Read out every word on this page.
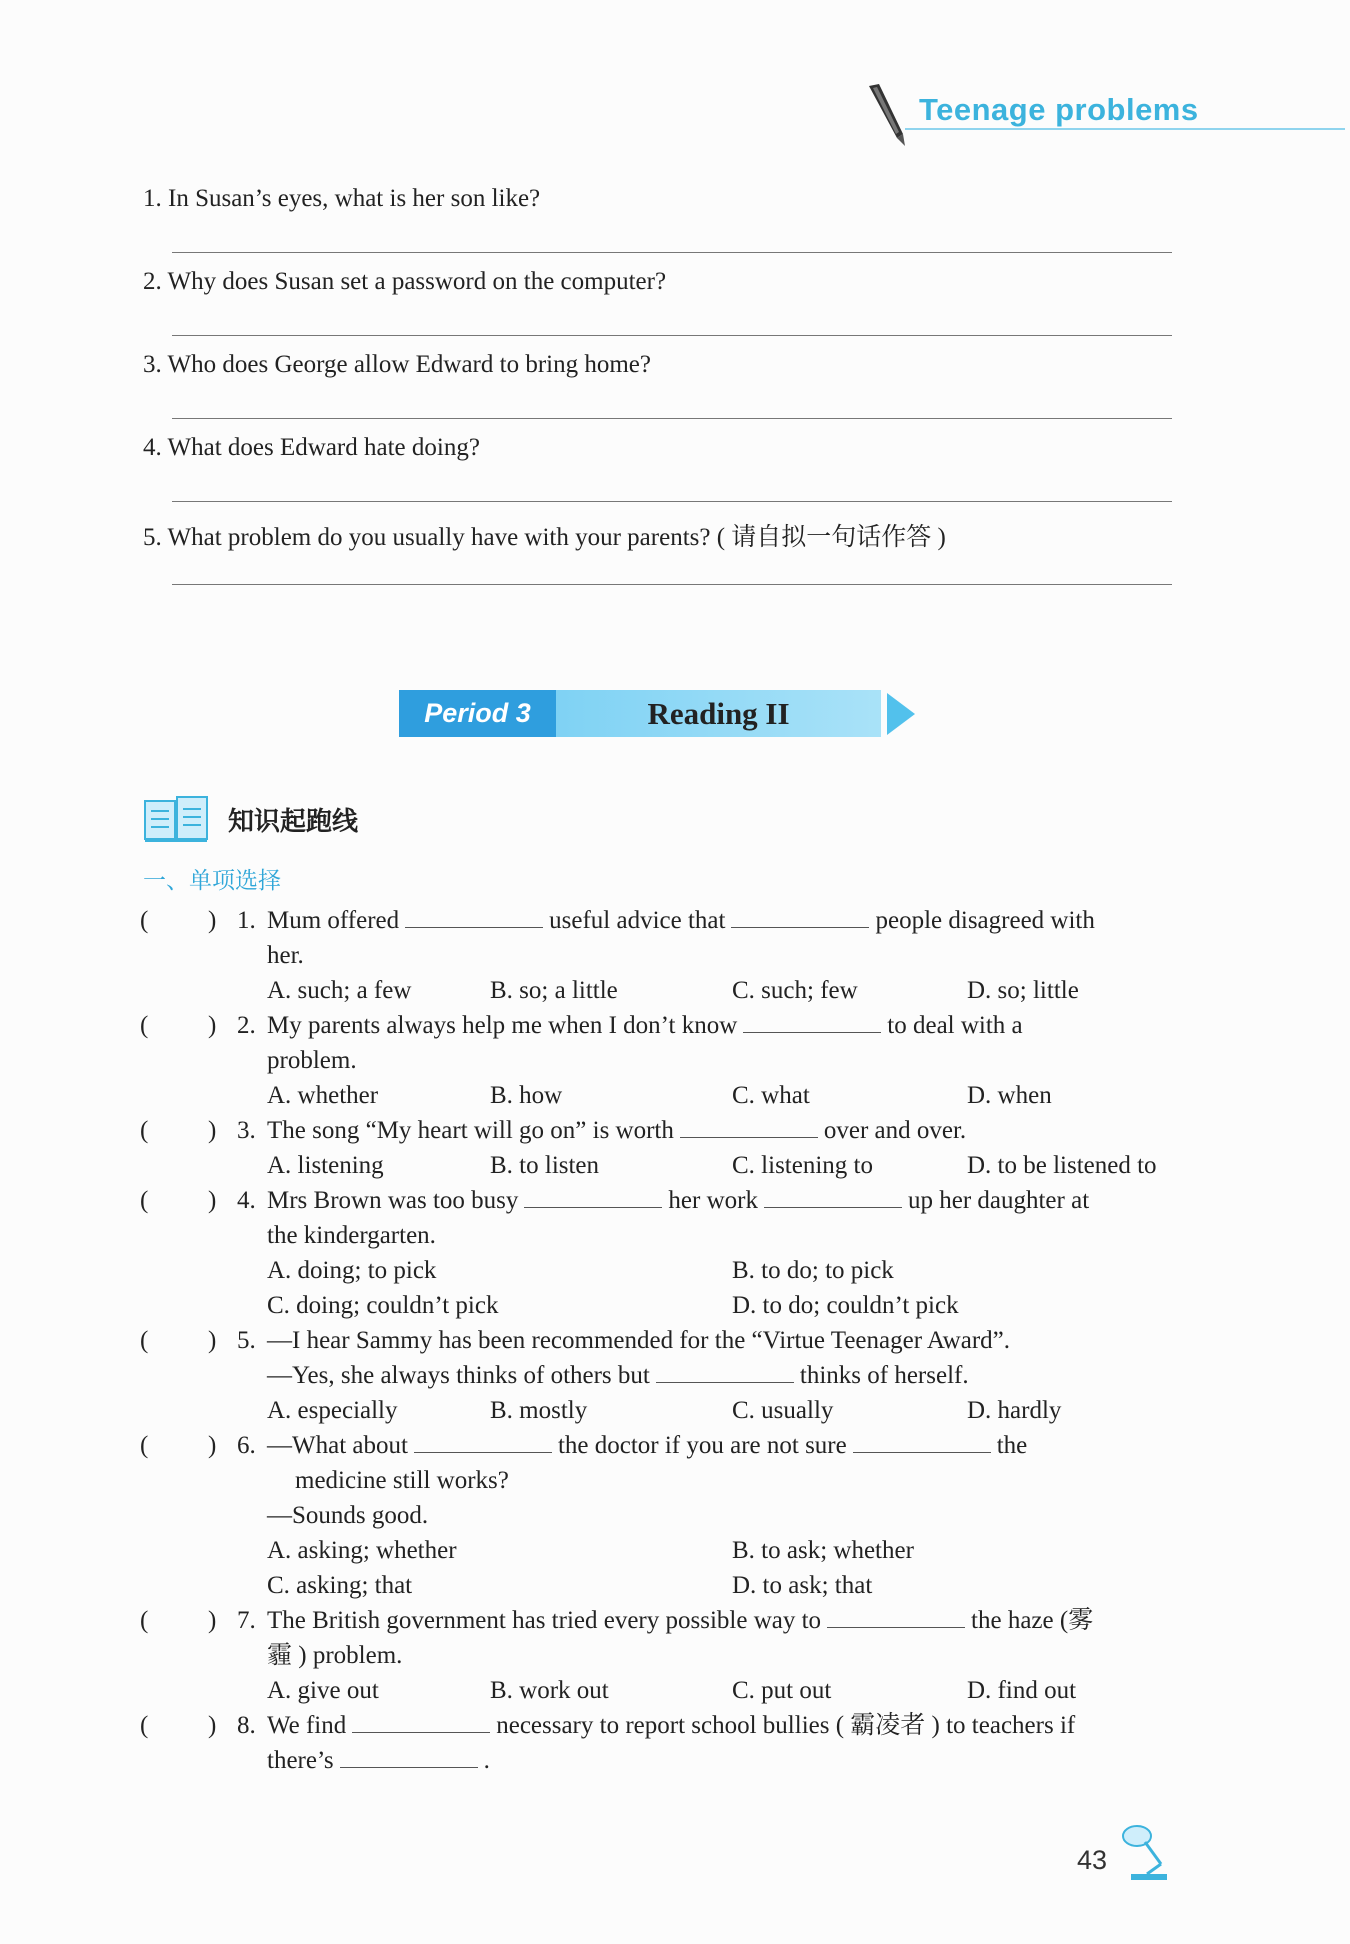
Teenage problems
1. In Susan’s eyes, what is her son like?
2. Why does Susan set a password on the computer?
3. Who does George allow Edward to bring home?
4. What does Edward hate doing?
5. What problem do you usually have with your parents? ( 请自拟一句话作答 )
Period 3	Reading II
知识起跑线
一、单项选择
( ) 1. Mum offered	useful advice that	people disagreed with
her.
A. such; a few	B. so; a little	C. such; few	D. so; little
( ) 2. My parents always help me when I don’t know	to deal with a
problem.
A. whether	B. how	C. what	D. when
( ) 3. The song “My heart will go on” is worth	over and over.
A. listening	B. to listen	C. listening to	D. to be listened to
( ) 4. Mrs Brown was too busy	her work	up her daughter at
the kindergarten.
A. doing; to pick	B. to do; to pick
C. doing; couldn’t pick	D. to do; couldn’t pick
( ) 5. —I hear Sammy has been recommended for the “Virtue Teenager Award”.
—Yes, she always thinks of others but	thinks of herself.
A. especially	B. mostly	C. usually	D. hardly
( ) 6. —What about	the doctor if you are not sure	the
medicine still works?
—Sounds good.
A. asking; whether	B. to ask; whether
C. asking; that	D. to ask; that
( ) 7. The British government has tried every possible way to	the haze (雾
霾 ) problem.
A. give out	B. work out	C. put out	D. find out
( ) 8. We find	necessary to report school bullies ( 霸凌者 ) to teachers if
there’s	.
43
